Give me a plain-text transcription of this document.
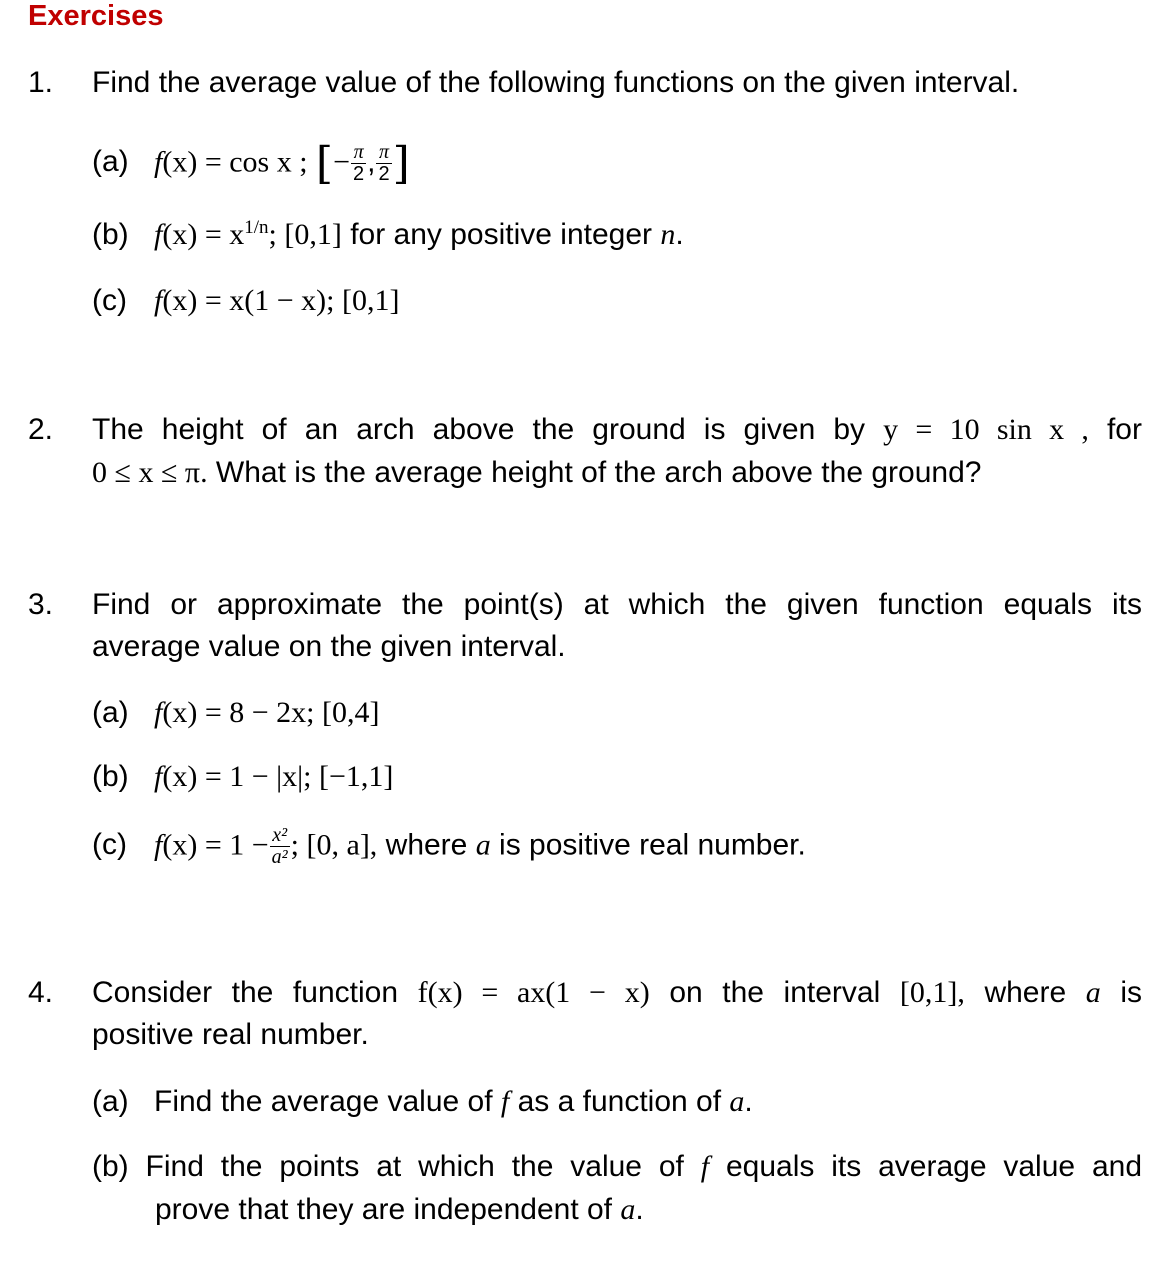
Exercises
1. Find the average value of the following functions on the given interval.
(a) f(x) = cos x ; [− $\frac{\pi}{2}$ , $\frac{\pi}{2}$ ]
(b) $f(x) = x^{1/n}$; [0,1] for any positive integer n.
(c) f(x) = x(1 − x); [0,1]
2. The height of an arch above the ground is given by y = 10 sin x , for
0 ≤ x ≤ π. What is the average height of the arch above the ground?
3. Find or approximate the point(s) at which the given function equals its
average value on the given interval.
(a) f(x) = 8 − 2x; [0,4]
(b) f(x) = 1 − |x|; [−1,1]
(c) $f(x) = 1 - \frac{\text{x²}}{\text{a²}}$ ; [0, a], where a is positive real number.
4. Consider the function f(x) = ax(1 − x) on the interval [0,1], where a is
positive real number.
(a) Find the average value of f as a function of a.
(b) Find the points at which the value of f equals its average value and
prove that they are independent of a.
